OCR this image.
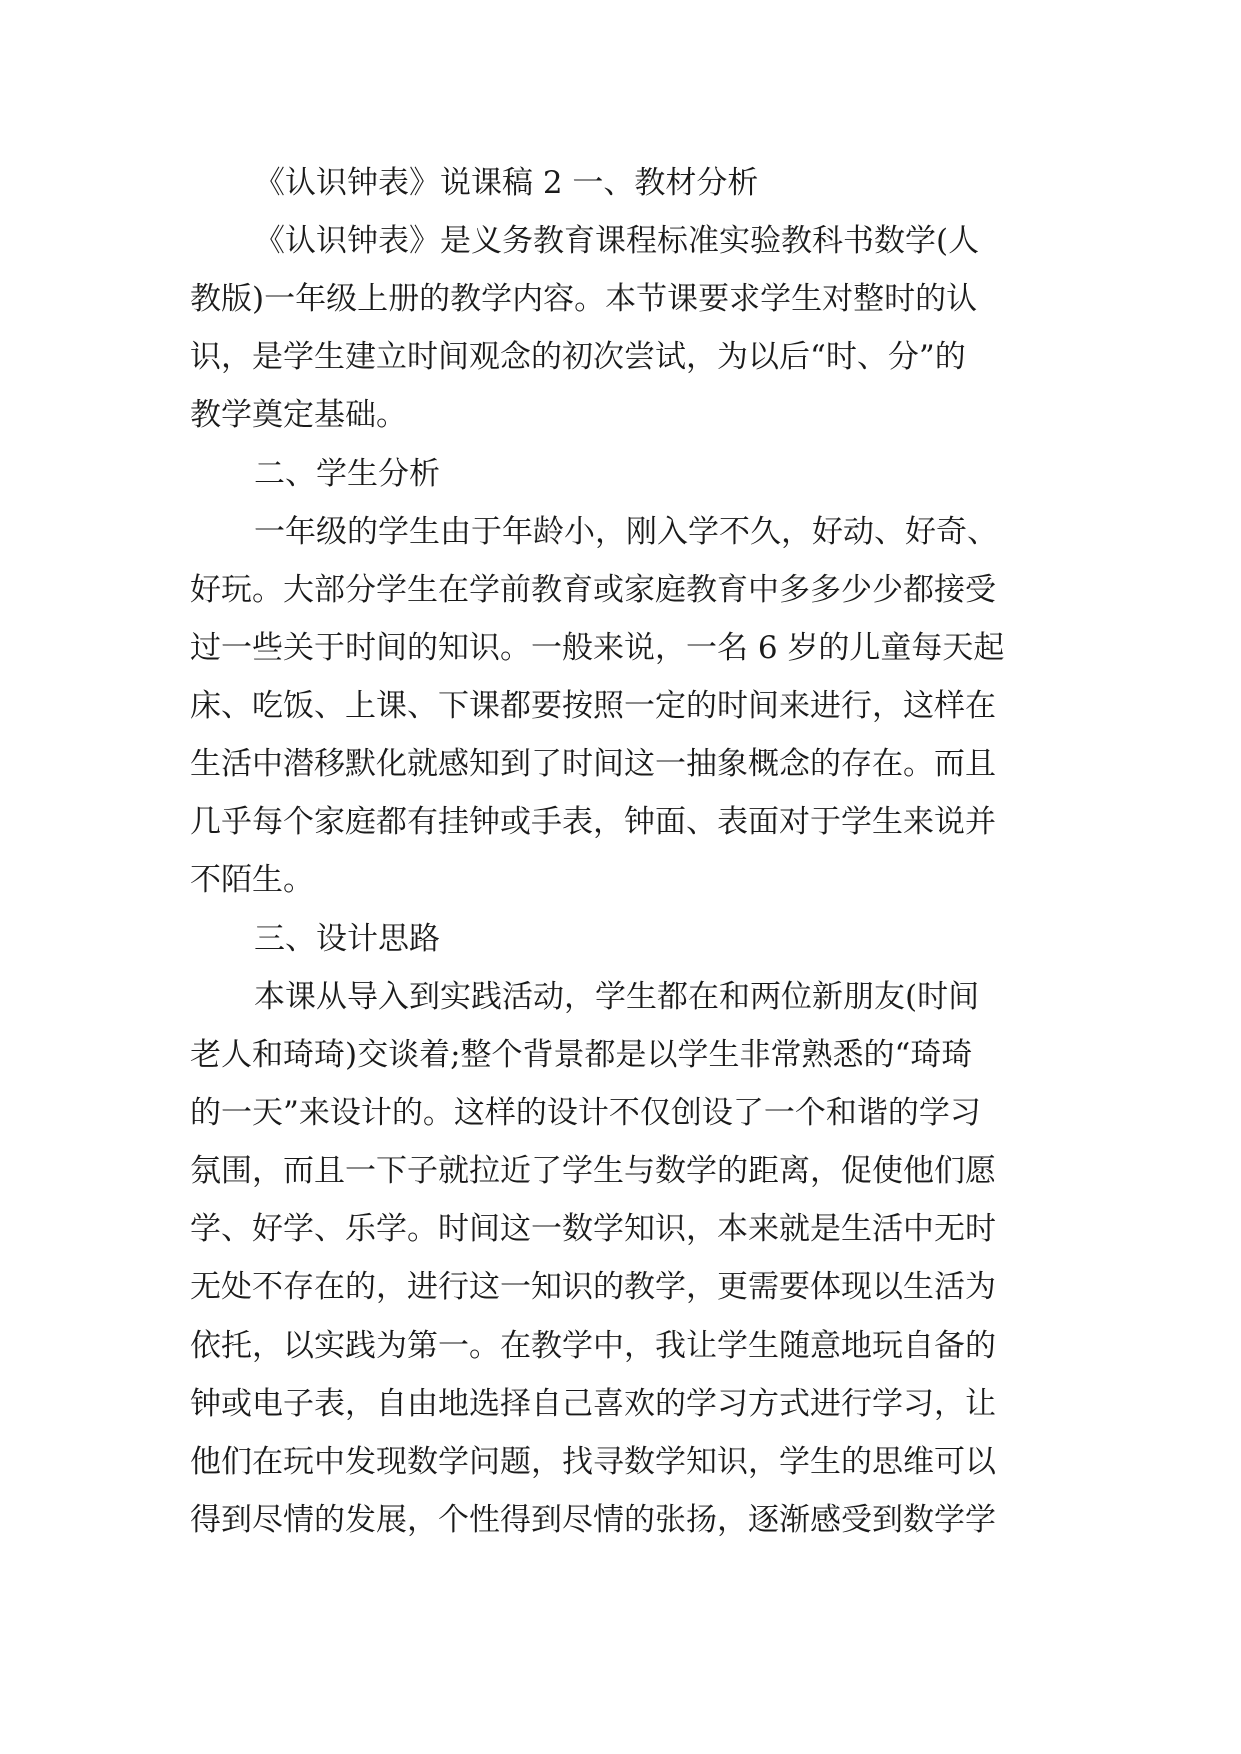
《认识钟表》说课稿 2 一、教材分析
《认识钟表》是义务教育课程标准实验教科书数学(人
教版)一年级上册的教学内容。本节课要求学生对整时的认
识，是学生建立时间观念的初次尝试，为以后“时、分”的
教学奠定基础。
二、学生分析
一年级的学生由于年龄小，刚入学不久，好动、好奇、
好玩。大部分学生在学前教育或家庭教育中多多少少都接受
过一些关于时间的知识。一般来说，一名 6 岁的儿童每天起
床、吃饭、上课、下课都要按照一定的时间来进行，这样在
生活中潜移默化就感知到了时间这一抽象概念的存在。而且
几乎每个家庭都有挂钟或手表，钟面、表面对于学生来说并
不陌生。
三、设计思路
本课从导入到实践活动，学生都在和两位新朋友(时间
老人和琦琦)交谈着;整个背景都是以学生非常熟悉的“琦琦
的一天”来设计的。这样的设计不仅创设了一个和谐的学习
氛围，而且一下子就拉近了学生与数学的距离，促使他们愿
学、好学、乐学。时间这一数学知识，本来就是生活中无时
无处不存在的，进行这一知识的教学，更需要体现以生活为
依托，以实践为第一。在教学中，我让学生随意地玩自备的
钟或电子表，自由地选择自己喜欢的学习方式进行学习，让
他们在玩中发现数学问题，找寻数学知识，学生的思维可以
得到尽情的发展，个性得到尽情的张扬，逐渐感受到数学学
